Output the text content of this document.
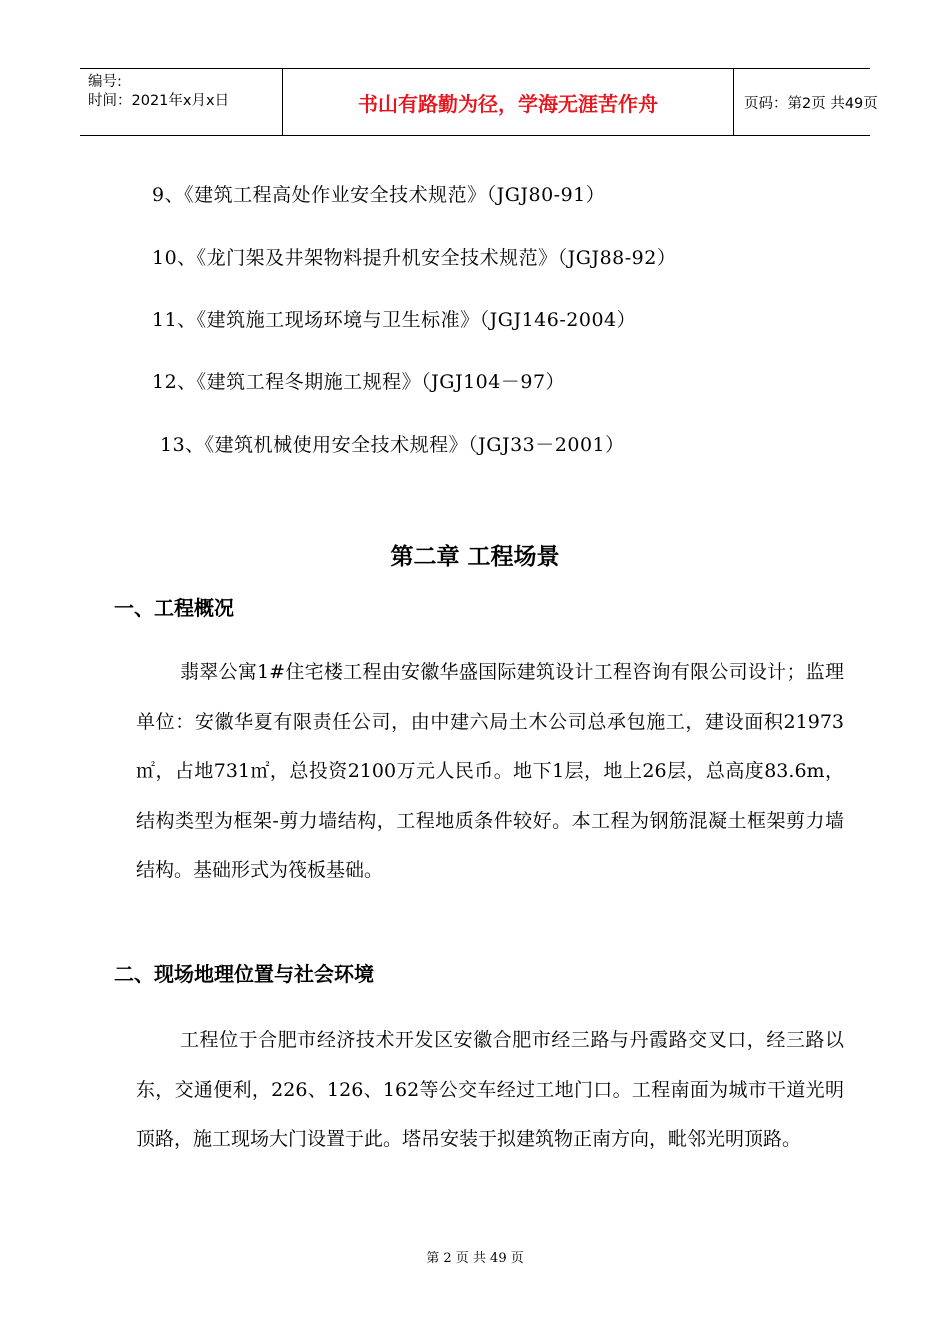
编号:
时间：2021年x月x日	书山有路勤为径，学海无涯苦作舟	页码：第2页 共49页
9、《建筑工程高处作业安全技术规范》（JGJ80-91）
10、《龙门架及井架物料提升机安全技术规范》（JGJ88-92）
11、《建筑施工现场环境与卫生标准》（JGJ146-2004）
12、《建筑工程冬期施工规程》（JGJ104－97）
13、《建筑机械使用安全技术规程》（JGJ33－2001）
第二章 工程场景
一、工程概况
翡翠公寓1#住宅楼工程由安徽华盛国际建筑设计工程咨询有限公司设计；监理单位：安徽华夏有限责任公司，由中建六局土木公司总承包施工，建设面积21973 ㎡，占地731㎡，总投资2100万元人民币。地下1层，地上26层，总高度83.6m，结构类型为框架-剪力墙结构，工程地质条件较好。本工程为钢筋混凝土框架剪力墙结构。基础形式为筏板基础。
二、现场地理位置与社会环境
工程位于合肥市经济技术开发区安徽合肥市经三路与丹霞路交叉口，经三路以东，交通便利，226、126、162等公交车经过工地门口。工程南面为城市干道光明顶路，施工现场大门设置于此。塔吊安装于拟建筑物正南方向，毗邻光明顶路。
第 2 页 共 49 页
